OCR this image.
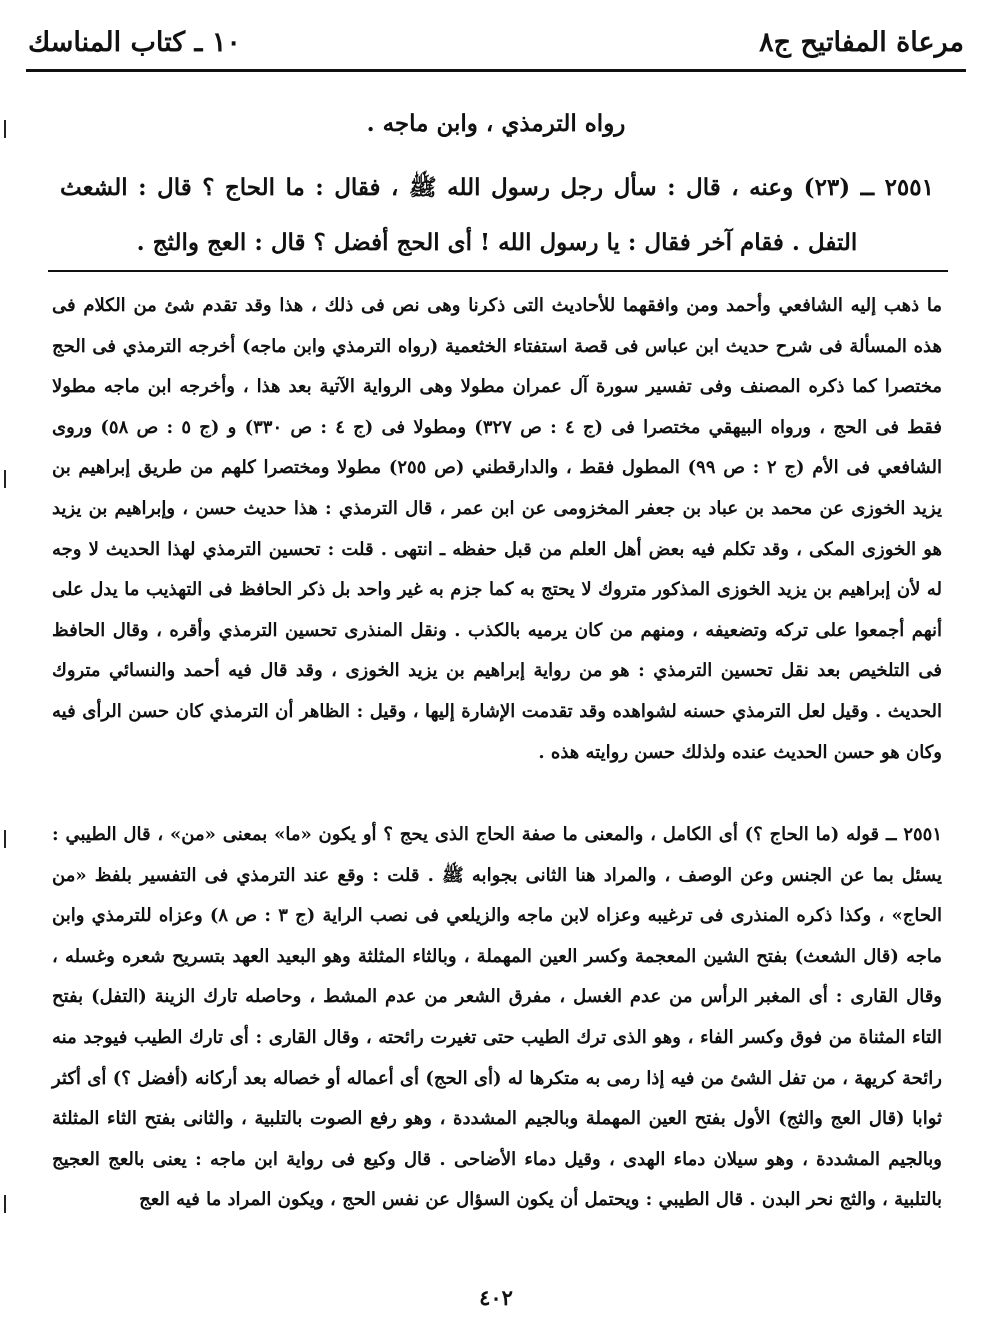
مرعاة المفاتيح ج٨
١٠ ـ كتاب المناسك
رواه الترمذي ، وابن ماجه .
٢٥٥١ ــ (٢٣) وعنه ، قال : سأل رجل رسول الله ﷺ ، فقال : ما الحاج ؟ قال : الشعث التفل . فقام آخر فقال : يا رسول الله ! أى الحج أفضل ؟ قال : العج والثج .
ما ذهب إليه الشافعي وأحمد ومن وافقهما للأحاديث التى ذكرنا وهى نص فى ذلك ، هذا وقد تقدم شئ من الكلام فى هذه المسألة فى شرح حديث ابن عباس فى قصة استفتاء الخثعمية (رواه الترمذي وابن ماجه) أخرجه الترمذي فى الحج مختصرا كما ذكره المصنف وفى تفسير سورة آل عمران مطولا وهى الرواية الآتية بعد هذا ، وأخرجه ابن ماجه مطولا فقط فى الحج ، ورواه البيهقي مختصرا فى (ج ٤ : ص ٣٢٧) ومطولا فى (ج ٤ : ص ٣٣٠) و (ج ٥ : ص ٥٨) وروى الشافعي فى الأم (ج ٢ : ص ٩٩) المطول فقط ، والدارقطني (ص ٢٥٥) مطولا ومختصرا كلهم من طريق إبراهيم بن يزيد الخوزى عن محمد بن عباد بن جعفر المخزومى عن ابن عمر ، قال الترمذي : هذا حديث حسن ، وإبراهيم بن يزيد هو الخوزى المكى ، وقد تكلم فيه بعض أهل العلم من قبل حفظه ـ انتهى . قلت : تحسين الترمذي لهذا الحديث لا وجه له لأن إبراهيم بن يزيد الخوزى المذكور متروك لا يحتج به كما جزم به غير واحد بل ذكر الحافظ فى التهذيب ما يدل على أنهم أجمعوا على تركه وتضعيفه ، ومنهم من كان يرميه بالكذب . ونقل المنذرى تحسين الترمذي وأقره ، وقال الحافظ فى التلخيص بعد نقل تحسين الترمذي : هو من رواية إبراهيم بن يزيد الخوزى ، وقد قال فيه أحمد والنسائي متروك الحديث . وقيل لعل الترمذي حسنه لشواهده وقد تقدمت الإشارة إليها ، وقيل : الظاهر أن الترمذي كان حسن الرأى فيه وكان هو حسن الحديث عنده ولذلك حسن روايته هذه .
٢٥٥١ ــ قوله (ما الحاج ؟) أى الكامل ، والمعنى ما صفة الحاج الذى يحج ؟ أو يكون «ما» بمعنى «من» ، قال الطيبي : يسئل بما عن الجنس وعن الوصف ، والمراد هنا الثانى بجوابه ﷺ . قلت : وقع عند الترمذي فى التفسير بلفظ «من الحاج» ، وكذا ذكره المنذرى فى ترغيبه وعزاه لابن ماجه والزيلعي فى نصب الراية (ج ٣ : ص ٨) وعزاه للترمذي وابن ماجه (قال الشعث) بفتح الشين المعجمة وكسر العين المهملة ، وبالثاء المثلثة وهو البعيد العهد بتسريح شعره وغسله ، وقال القارى : أى المغبر الرأس من عدم الغسل ، مفرق الشعر من عدم المشط ، وحاصله تارك الزينة (التفل) بفتح التاء المثناة من فوق وكسر الفاء ، وهو الذى ترك الطيب حتى تغيرت رائحته ، وقال القارى : أى تارك الطيب فيوجد منه رائحة كريهة ، من تفل الشئ من فيه إذا رمى به متكرها له (أى الحج) أى أعماله أو خصاله بعد أركانه (أفضل ؟) أى أكثر ثوابا (قال العج والثج) الأول بفتح العين المهملة وبالجيم المشددة ، وهو رفع الصوت بالتلبية ، والثانى بفتح الثاء المثلثة وبالجيم المشددة ، وهو سيلان دماء الهدى ، وقيل دماء الأضاحى . قال وكيع فى رواية ابن ماجه : يعنى بالعج العجيج بالتلبية ، والثج نحر البدن . قال الطيبي : ويحتمل أن يكون السؤال عن نفس الحج ، ويكون المراد ما فيه العج
٤٠٢
